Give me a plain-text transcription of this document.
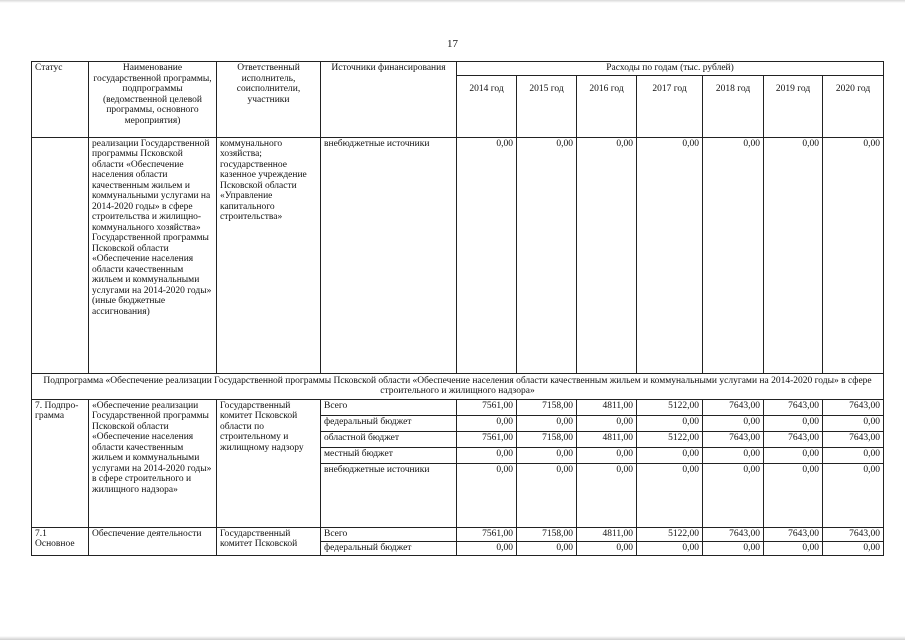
17
Статус	Наименование государственной программы, подпрограммы (ведомственной целевой программы, основного мероприятия)	Ответственный исполнитель, соисполнители, участники	Источники финансирования	Расходы по годам (тыс. рублей)						
				2014 год	2015 год	2016 год	2017 год	2018 год	2019 год	2020 год
	реализации Государственной программы Псковской области «Обеспечение населения области качественным жильем и коммунальными услугами на 2014-2020 годы» в сфере строительства и жилищно-коммунального хозяйства» Государственной программы Псковской области «Обеспечение населения области качественным жильем и коммунальными услугами на 2014-2020 годы» (иные бюджетные ассигнования)	коммунального хозяйства; государственное казенное учреждение Псковской области «Управление капитального строительства»	внебюджетные источники	0,00	0,00	0,00	0,00	0,00	0,00	0,00
Подпрограмма «Обеспечение реализации Государственной программы Псковской области «Обеспечение населения области качественным жильем и коммунальными услугами на 2014-2020 годы» в сфере строительного и жилищного надзора»										
7. Подпро-грамма	«Обеспечение реализации Государственной программы Псковской области «Обеспечение населения области качественным жильем и коммунальными услугами на 2014-2020 годы» в сфере строительного и жилищного надзора»	Государственный комитет Псковской области по строительному и жилищному надзору	Всего	7561,00	7158,00	4811,00	5122,00	7643,00	7643,00	7643,00
			федеральный бюджет	0,00	0,00	0,00	0,00	0,00	0,00	0,00
			областной бюджет	7561,00	7158,00	4811,00	5122,00	7643,00	7643,00	7643,00
			местный бюджет	0,00	0,00	0,00	0,00	0,00	0,00	0,00
			внебюджетные источники	0,00	0,00	0,00	0,00	0,00	0,00	0,00
7.1 Основное	Обеспечение деятельности	Государственный комитет Псковской	Всего	7561,00	7158,00	4811,00	5122,00	7643,00	7643,00	7643,00
			федеральный бюджет	0,00	0,00	0,00	0,00	0,00	0,00	0,00
